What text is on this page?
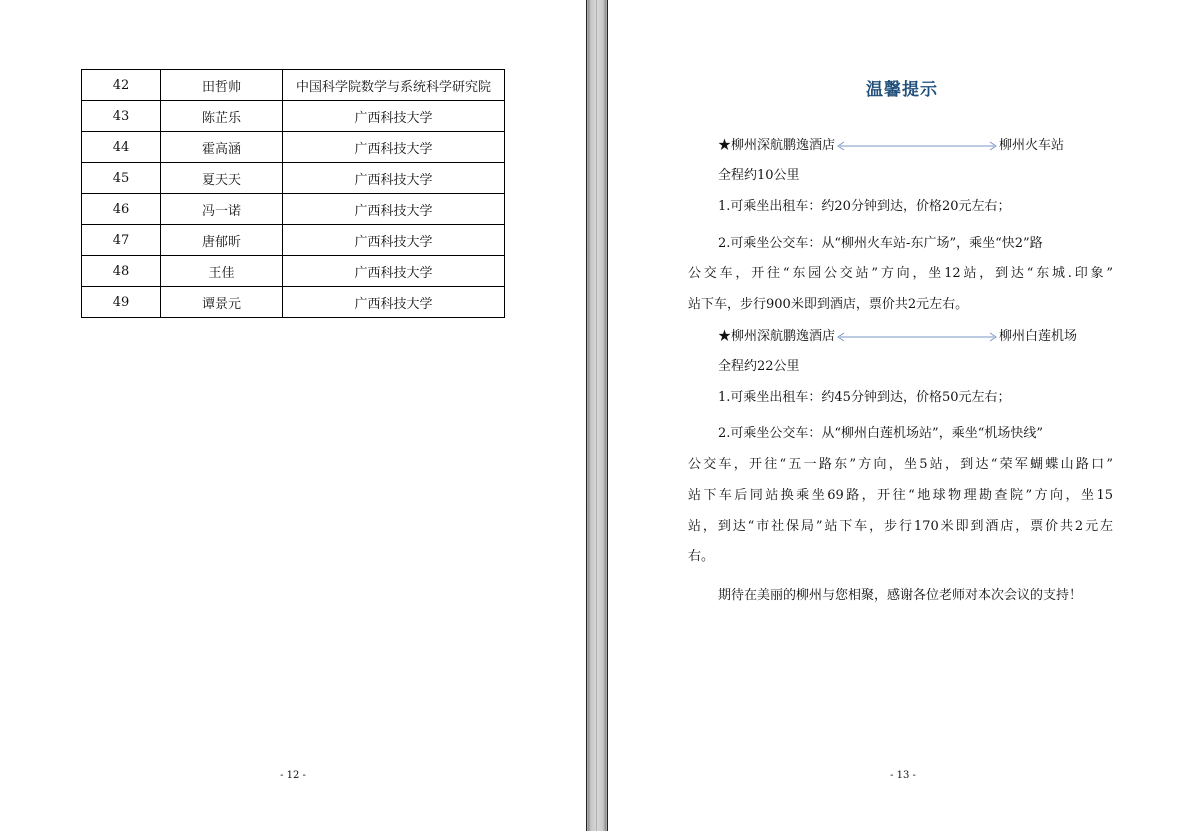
42	田哲帅	中国科学院数学与系统科学研究院
43	陈芷乐	广西科技大学
44	霍高涵	广西科技大学
45	夏天天	广西科技大学
46	冯一诺	广西科技大学
47	唐郁昕	广西科技大学
48	王佳	广西科技大学
49	谭景元	广西科技大学
- 12 -
温馨提示
★柳州深航鹏逸酒店	柳州火车站
全程约10公里
1.可乘坐出租车：约20分钟到达，价格20元左右；
2.可乘坐公交车：从“柳州火车站-东广场”，乘坐“快2”路
公交车，开往“东园公交站”方向，坐12站，到达“东城.印象”
站下车，步行900米即到酒店，票价共2元左右。
★柳州深航鹏逸酒店	柳州白莲机场
全程约22公里
1.可乘坐出租车：约45分钟到达，价格50元左右；
2.可乘坐公交车：从“柳州白莲机场站”，乘坐“机场快线”
公交车，开往“五一路东”方向，坐5站，到达“荣军蝴蝶山路口”
站下车后同站换乘坐69路，开往“地球物理勘查院”方向，坐15
站，到达“市社保局”站下车，步行170米即到酒店，票价共2元左
右。
期待在美丽的柳州与您相聚，感谢各位老师对本次会议的支持！
- 13 -
